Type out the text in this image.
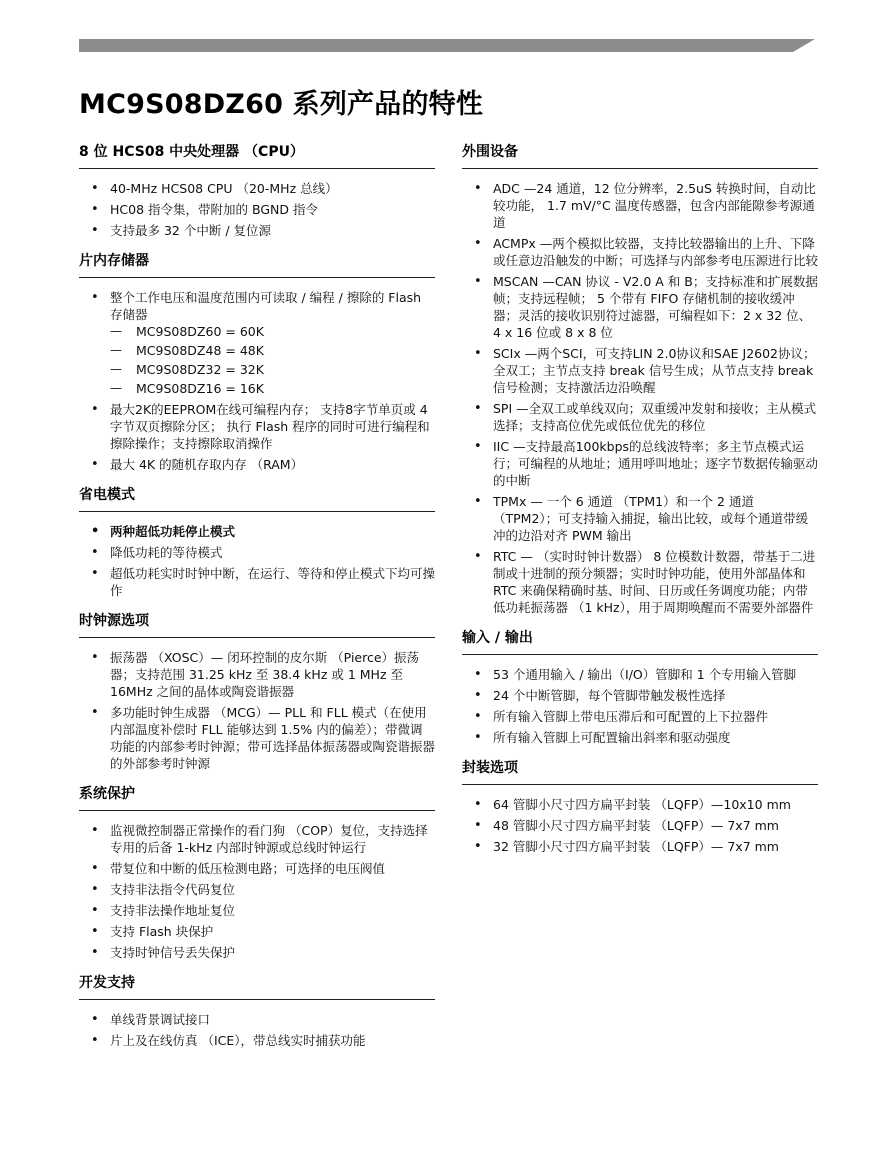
MC9S08DZ60 系列产品的特性
8 位 HCS08 中央处理器 （CPU）
• 40-MHz HCS08 CPU （20-MHz 总线）
• HC08 指令集，带附加的 BGND 指令
• 支持最多 32 个中断 / 复位源
片内存储器
• 整个工作电压和温度范围内可读取 / 编程 / 擦除的 Flash 存储器
— MC9S08DZ60 = 60K
— MC9S08DZ48 = 48K
— MC9S08DZ32 = 32K
— MC9S08DZ16 = 16K
• 最大2K的EEPROM在线可编程内存； 支持8字节单页或 4 字节双页擦除分区； 执行 Flash 程序的同时可进行编程和擦除操作；支持擦除取消操作
• 最大 4K 的随机存取内存 （RAM）
省电模式
• 两种超低功耗停止模式
• 降低功耗的等待模式
• 超低功耗实时时钟中断，在运行、等待和停止模式下均可操作
时钟源选项
• 振荡器 （XOSC）— 闭环控制的皮尔斯 （Pierce）振荡器；支持范围 31.25 kHz 至 38.4 kHz 或 1 MHz 至 16MHz 之间的晶体或陶瓷谐振器
• 多功能时钟生成器 （MCG）— PLL 和 FLL 模式（在使用内部温度补偿时 FLL 能够达到 1.5% 内的偏差）；带微调功能的内部参考时钟源；带可选择晶体振荡器或陶瓷谐振器的外部参考时钟源
系统保护
• 监视微控制器正常操作的看门狗 （COP）复位，支持选择专用的后备 1-kHz 内部时钟源或总线时钟运行
• 带复位和中断的低压检测电路；可选择的电压阀值
• 支持非法指令代码复位
• 支持非法操作地址复位
• 支持 Flash 块保护
• 支持时钟信号丢失保护
开发支持
• 单线背景调试接口
• 片上及在线仿真 （ICE），带总线实时捕获功能
外围设备
• ADC —24 通道，12 位分辨率，2.5uS 转换时间，自动比较功能， 1.7 mV/°C 温度传感器，包含内部能隙参考源通道
• ACMPx —两个模拟比较器，支持比较器输出的上升、下降或任意边沿触发的中断；可选择与内部参考电压源进行比较
• MSCAN —CAN 协议 - V2.0 A 和 B；支持标准和扩展数据帧；支持远程帧； 5 个带有 FIFO 存储机制的接收缓冲器；灵活的接收识别符过滤器，可编程如下：2 x 32 位、 4 x 16 位或 8 x 8 位
• SCIx —两个SCI，可支持LIN 2.0协议和SAE J2602协议；全双工；主节点支持 break 信号生成；从节点支持 break 信号检测；支持激活边沿唤醒
• SPI —全双工或单线双向；双重缓冲发射和接收；主从模式选择；支持高位优先或低位优先的移位
• IIC —支持最高100kbps的总线波特率；多主节点模式运行；可编程的从地址；通用呼叫地址；逐字节数据传输驱动的中断
• TPMx — 一个 6 通道 （TPM1）和一个 2 通道 （TPM2）；可支持输入捕捉，输出比较，或每个通道带缓冲的边沿对齐 PWM 输出
• RTC — （实时时钟计数器） 8 位模数计数器，带基于二进制或十进制的预分频器；实时时钟功能，使用外部晶体和 RTC 来确保精确时基、时间、日历或任务调度功能；内带低功耗振荡器 （1 kHz），用于周期唤醒而不需要外部器件
输入 / 输出
• 53 个通用输入 / 输出（I/O）管脚和 1 个专用输入管脚
• 24 个中断管脚，每个管脚带触发极性选择
• 所有输入管脚上带电压滞后和可配置的上下拉器件
• 所有输入管脚上可配置输出斜率和驱动强度
封装选项
• 64 管脚小尺寸四方扁平封装 （LQFP）—10x10 mm
• 48 管脚小尺寸四方扁平封装 （LQFP）— 7x7 mm
• 32 管脚小尺寸四方扁平封装 （LQFP）— 7x7 mm
